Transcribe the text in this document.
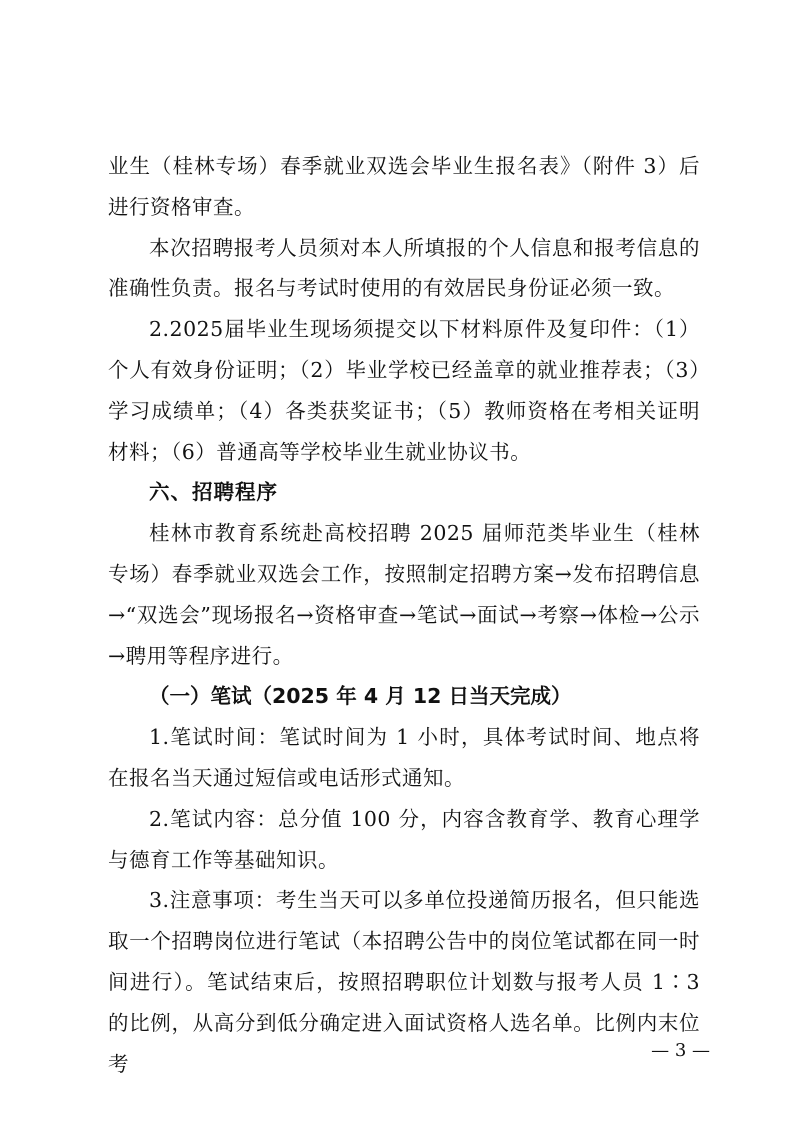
业生（桂林专场）春季就业双选会毕业生报名表》（附件 3）后进行资格审查。

本次招聘报考人员须对本人所填报的个人信息和报考信息的准确性负责。报名与考试时使用的有效居民身份证必须一致。

2.2025届毕业生现场须提交以下材料原件及复印件：（1）个人有效身份证明；（2）毕业学校已经盖章的就业推荐表；（3）学习成绩单；（4）各类获奖证书；（5）教师资格在考相关证明材料；（6）普通高等学校毕业生就业协议书。

六、招聘程序

桂林市教育系统赴高校招聘 2025 届师范类毕业生（桂林专场）春季就业双选会工作，按照制定招聘方案→发布招聘信息→“双选会”现场报名→资格审查→笔试→面试→考察→体检→公示→聘用等程序进行。

（一）笔试（2025 年 4 月 12 日当天完成）

1.笔试时间：笔试时间为 1 小时，具体考试时间、地点将在报名当天通过短信或电话形式通知。

2.笔试内容：总分值 100 分，内容含教育学、教育心理学与德育工作等基础知识。

3.注意事项：考生当天可以多单位投递简历报名，但只能选取一个招聘岗位进行笔试（本招聘公告中的岗位笔试都在同一时间进行）。笔试结束后，按照招聘职位计划数与报考人员 1∶3 的比例，从高分到低分确定进入面试资格人选名单。比例内末位考

— 3 —
